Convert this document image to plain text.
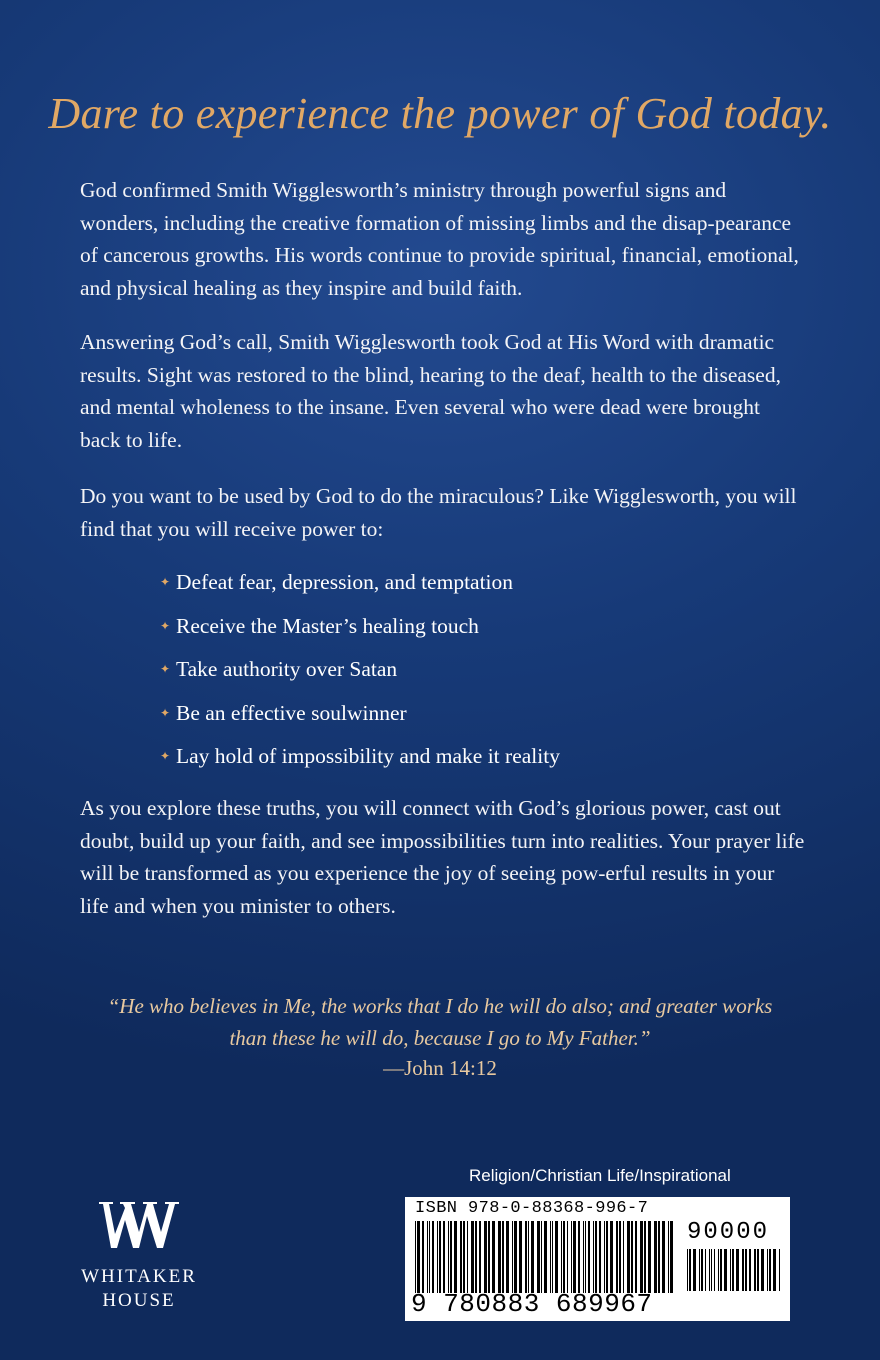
Dare to experience the power of God today.
God confirmed Smith Wigglesworth’s ministry through powerful signs and wonders, including the creative formation of missing limbs and the disap-pearance of cancerous growths. His words continue to provide spiritual, financial, emotional, and physical healing as they inspire and build faith.
Answering God’s call, Smith Wigglesworth took God at His Word with dramatic results. Sight was restored to the blind, hearing to the deaf, health to the diseased, and mental wholeness to the insane. Even several who were dead were brought back to life.
Do you want to be used by God to do the miraculous? Like Wigglesworth, you will find that you will receive power to:
✦ Defeat fear, depression, and temptation
✦ Receive the Master’s healing touch
✦ Take authority over Satan
✦ Be an effective soulwinner
✦ Lay hold of impossibility and make it reality
As you explore these truths, you will connect with God’s glorious power, cast out doubt, build up your faith, and see impossibilities turn into realities. Your prayer life will be transformed as you experience the joy of seeing pow-erful results in your life and when you minister to others.
“He who believes in Me, the works that I do he will do also; and greater works
than these he will do, because I go to My Father.”
—John 14:12
WHITAKER
HOUSE
Religion/Christian Life/Inspirational
ISBN 978-0-88368-996-7
90000
9 780883 689967
